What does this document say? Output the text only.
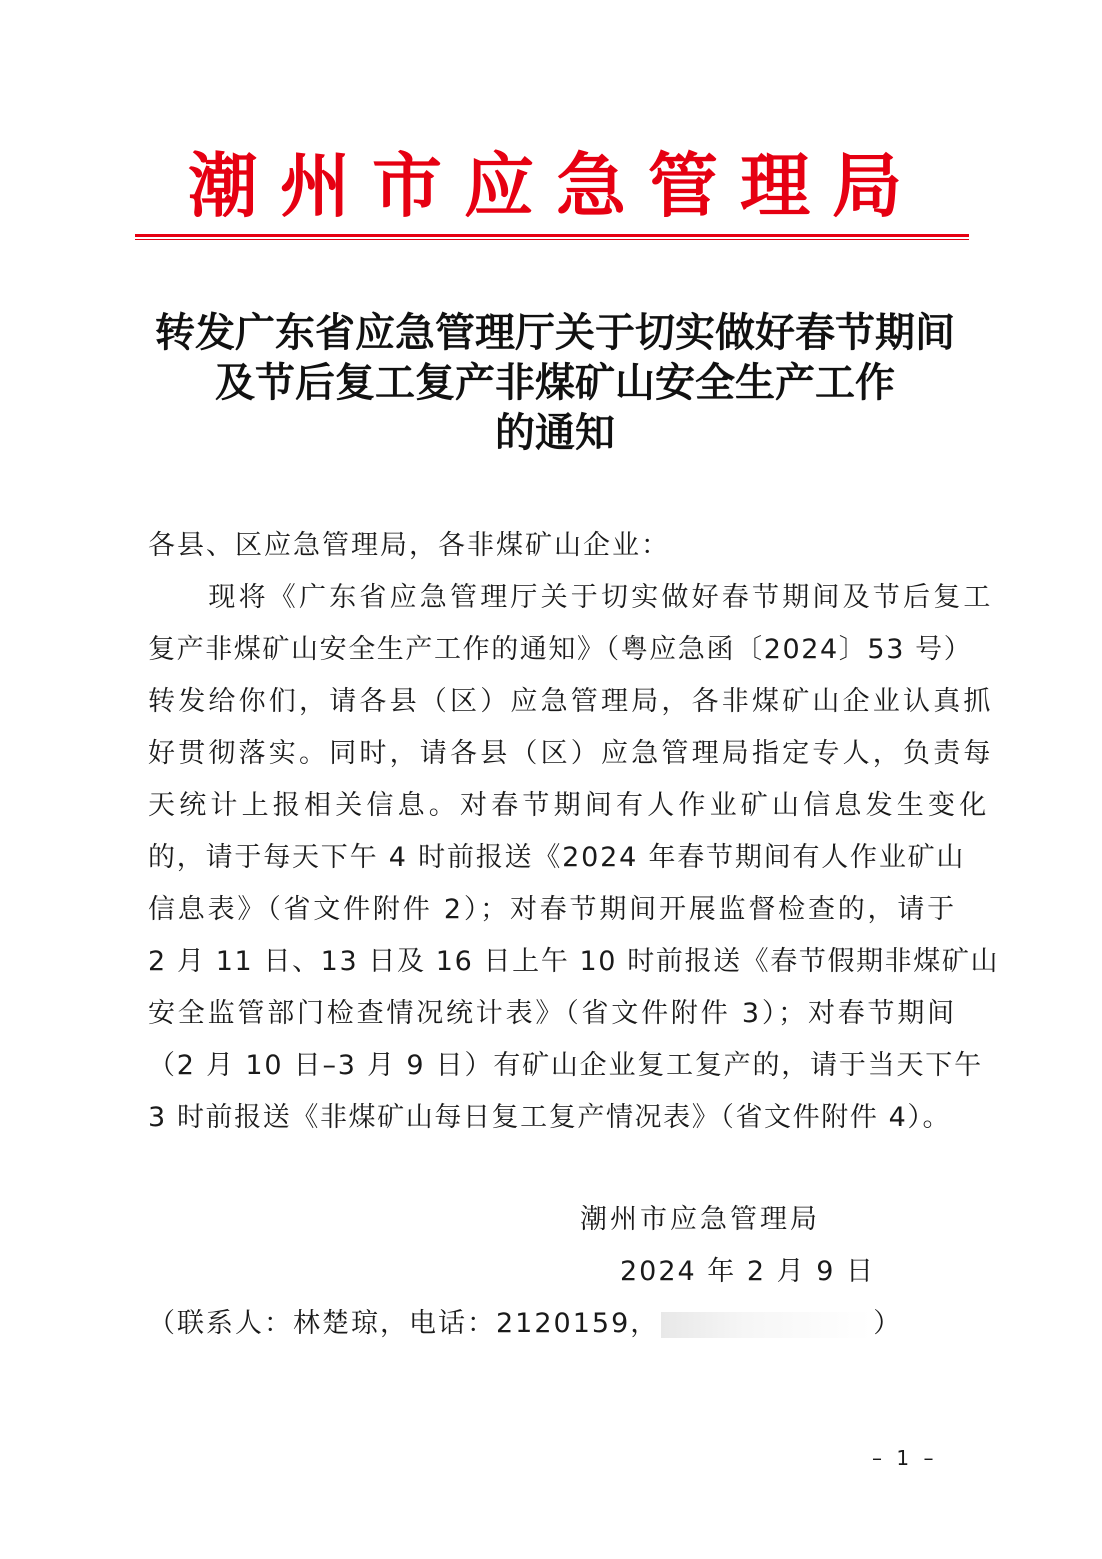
潮州市应急管理局
转发广东省应急管理厅关于切实做好春节期间
及节后复工复产非煤矿山安全生产工作
的通知
各县、区应急管理局，各非煤矿山企业：
　　现将《广东省应急管理厅关于切实做好春节期间及节后复工
复产非煤矿山安全生产工作的通知》（粤应急函〔2024〕53 号）
转发给你们，请各县（区）应急管理局，各非煤矿山企业认真抓
好贯彻落实。同时，请各县（区）应急管理局指定专人，负责每
天统计上报相关信息。对春节期间有人作业矿山信息发生变化
的，请于每天下午 4 时前报送《2024 年春节期间有人作业矿山
信息表》（省文件附件 2）；对春节期间开展监督检查的，请于
2 月 11 日、13 日及 16 日上午 10 时前报送《春节假期非煤矿山
安全监管部门检查情况统计表》（省文件附件 3）；对春节期间
（2 月 10 日–3 月 9 日）有矿山企业复工复产的，请于当天下午
3 时前报送《非煤矿山每日复工复产情况表》（省文件附件 4）。
潮州市应急管理局
2024 年 2 月 9 日
（联系人：林楚琼，电话：2120159，	）
– 1 –
